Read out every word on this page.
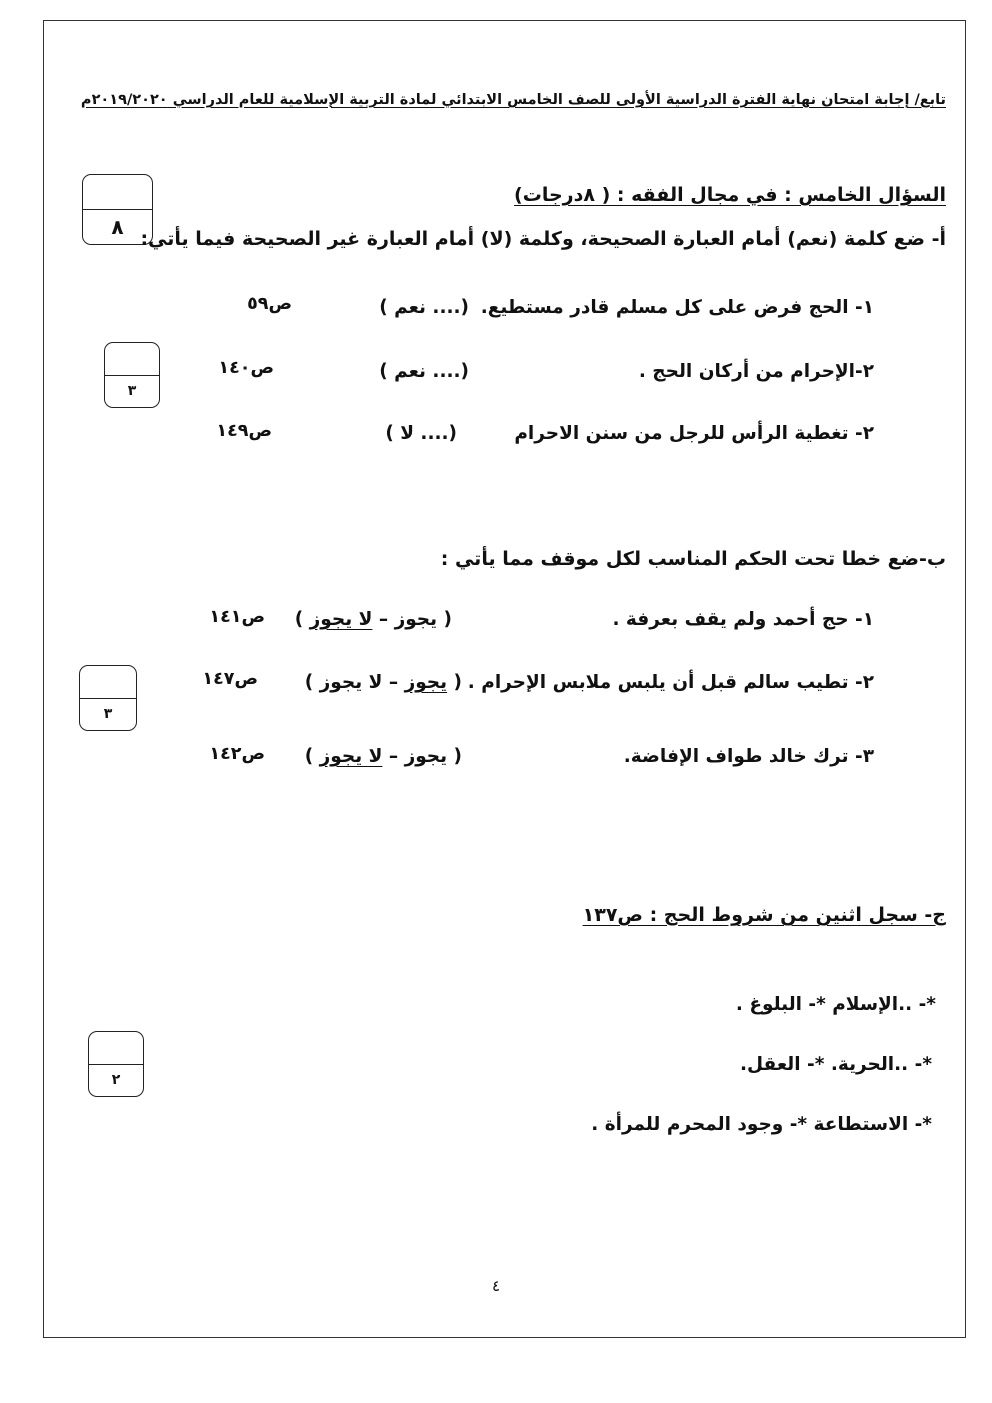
تابع/ إجابة امتحان نهاية الفترة الدراسية الأولى للصف الخامس الابتدائي لمادة التربية الإسلامية للعام الدراسي ٢٠١٩/٢٠٢٠م
٨
السؤال الخامس : في مجال الفقه : ( ٨درجات)
أ- ضع كلمة (نعم) أمام العبارة الصحيحة، وكلمة (لا) أمام العبارة غير الصحيحة فيما يأتي:
١- الحج فرض على كل مسلم قادر مستطيع.
(.... نعم )
ص٥٩
٢-الإحرام من أركان الحج .
(.... نعم )
ص١٤٠
٢- تغطية الرأس للرجل من سنن الاحرام
(.... لا )
ص١٤٩
٣
ب-ضع خطا تحت الحكم المناسب لكل موقف مما يأتي :
١- حج أحمد ولم يقف بعرفة .
( يجوز – لا يجوز )
ص١٤١
٢- تطيب سالم قبل أن يلبس ملابس الإحرام .
( يجوز – لا يجوز )
ص١٤٧
٣- ترك خالد طواف الإفاضة.
( يجوز – لا يجوز )
ص١٤٢
٣
ج- سجل اثنين من شروط الحج : ص١٣٧
*- ..الإسلام *- البلوغ .
*- ..الحرية. *- العقل.
*- الاستطاعة *- وجود المحرم للمرأة .
٢
٤
